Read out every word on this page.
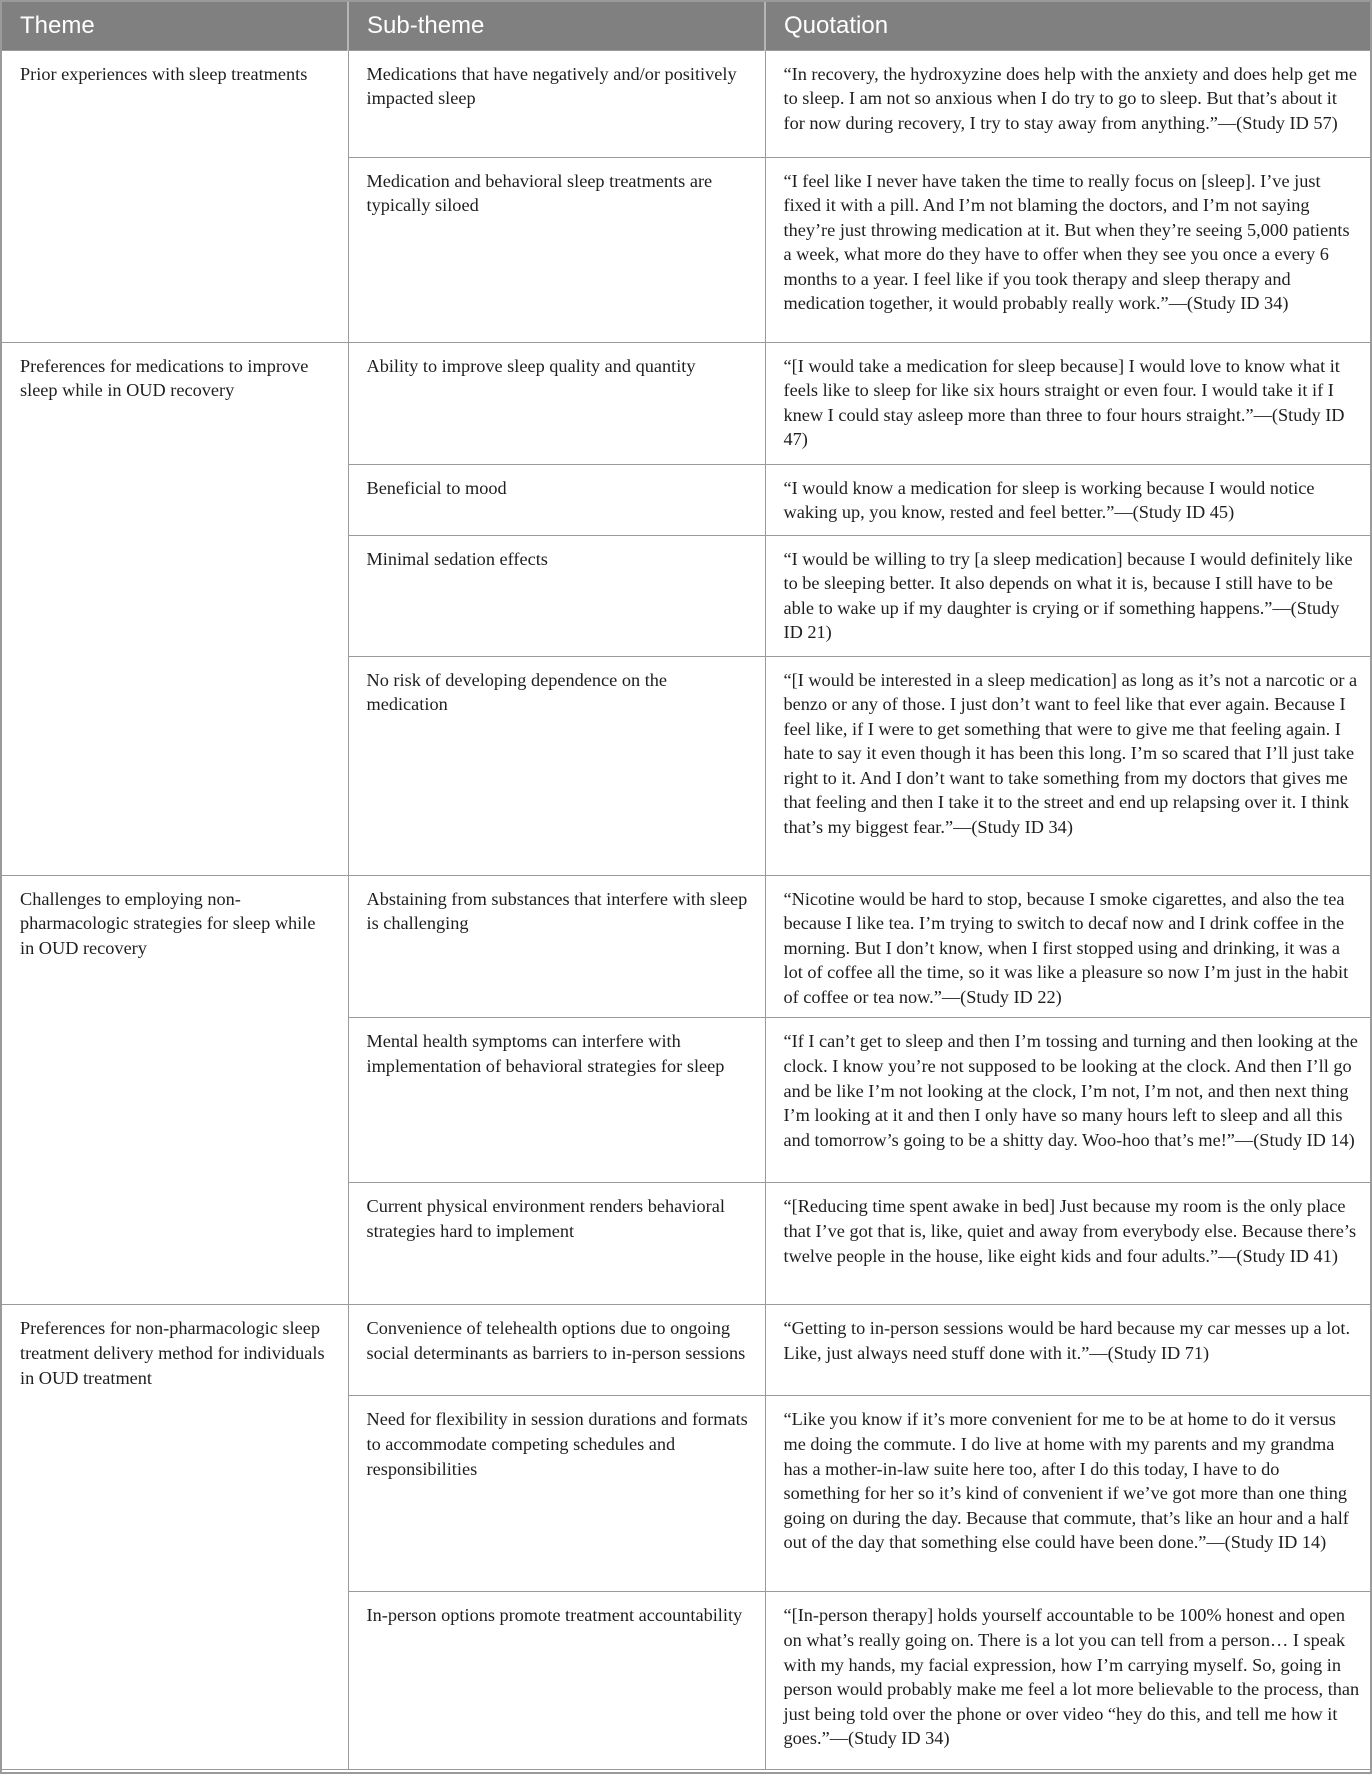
Theme	Sub-theme	Quotation
Prior experiences with sleep treatments	Medications that have negatively and/or positively impacted sleep	“In recovery, the hydroxyzine does help with the anxiety and does help get me to sleep. I am not so anxious when I do try to go to sleep. But that’s about it for now during recovery, I try to stay away from anything.”—(Study ID 57)
	Medication and behavioral sleep treatments are typically siloed	“I feel like I never have taken the time to really focus on [sleep]. I’ve just fixed it with a pill. And I’m not blaming the doctors, and I’m not saying they’re just throwing medication at it. But when they’re seeing 5,000 patients a week, what more do they have to offer when they see you once a every 6 months to a year. I feel like if you took therapy and sleep therapy and medication together, it would probably really work.”—(Study ID 34)
Preferences for medications to improve sleep while in OUD recovery	Ability to improve sleep quality and quantity	“[I would take a medication for sleep because] I would love to know what it feels like to sleep for like six hours straight or even four. I would take it if I knew I could stay asleep more than three to four hours straight.”—(Study ID 47)
	Beneficial to mood	“I would know a medication for sleep is working because I would notice waking up, you know, rested and feel better.”—(Study ID 45)
	Minimal sedation effects	“I would be willing to try [a sleep medication] because I would definitely like to be sleeping better. It also depends on what it is, because I still have to be able to wake up if my daughter is crying or if something happens.”—(Study ID 21)
	No risk of developing dependence on the medication	“[I would be interested in a sleep medication] as long as it’s not a narcotic or a benzo or any of those. I just don’t want to feel like that ever again. Because I feel like, if I were to get something that were to give me that feeling again. I hate to say it even though it has been this long. I’m so scared that I’ll just take right to it. And I don’t want to take something from my doctors that gives me that feeling and then I take it to the street and end up relapsing over it. I think that’s my biggest fear.”—(Study ID 34)
Challenges to employing non-pharmacologic strategies for sleep while in OUD recovery	Abstaining from substances that interfere with sleep is challenging	“Nicotine would be hard to stop, because I smoke cigarettes, and also the tea because I like tea. I’m trying to switch to decaf now and I drink coffee in the morning. But I don’t know, when I first stopped using and drinking, it was a lot of coffee all the time, so it was like a pleasure so now I’m just in the habit of coffee or tea now.”—(Study ID 22)
	Mental health symptoms can interfere with implementation of behavioral strategies for sleep	“If I can’t get to sleep and then I’m tossing and turning and then looking at the clock. I know you’re not supposed to be looking at the clock. And then I’ll go and be like I’m not looking at the clock, I’m not, I’m not, and then next thing I’m looking at it and then I only have so many hours left to sleep and all this and tomorrow’s going to be a shitty day. Woo-hoo that’s me!”—(Study ID 14)
	Current physical environment renders behavioral strategies hard to implement	“[Reducing time spent awake in bed] Just because my room is the only place that I’ve got that is, like, quiet and away from everybody else. Because there’s twelve people in the house, like eight kids and four adults.”—(Study ID 41)
Preferences for non-pharmacologic sleep treatment delivery method for individuals in OUD treatment	Convenience of telehealth options due to ongoing social determinants as barriers to in-person sessions	“Getting to in-person sessions would be hard because my car messes up a lot. Like, just always need stuff done with it.”—(Study ID 71)
	Need for flexibility in session durations and formats to accommodate competing schedules and responsibilities	“Like you know if it’s more convenient for me to be at home to do it versus me doing the commute. I do live at home with my parents and my grandma has a mother-in-law suite here too, after I do this today, I have to do something for her so it’s kind of convenient if we’ve got more than one thing going on during the day. Because that commute, that’s like an hour and a half out of the day that something else could have been done.”—(Study ID 14)
	In-person options promote treatment accountability	“[In-person therapy] holds yourself accountable to be 100% honest and open on what’s really going on. There is a lot you can tell from a person… I speak with my hands, my facial expression, how I’m carrying myself. So, going in person would probably make me feel a lot more believable to the process, than just being told over the phone or over video “hey do this, and tell me how it goes.”—(Study ID 34)
